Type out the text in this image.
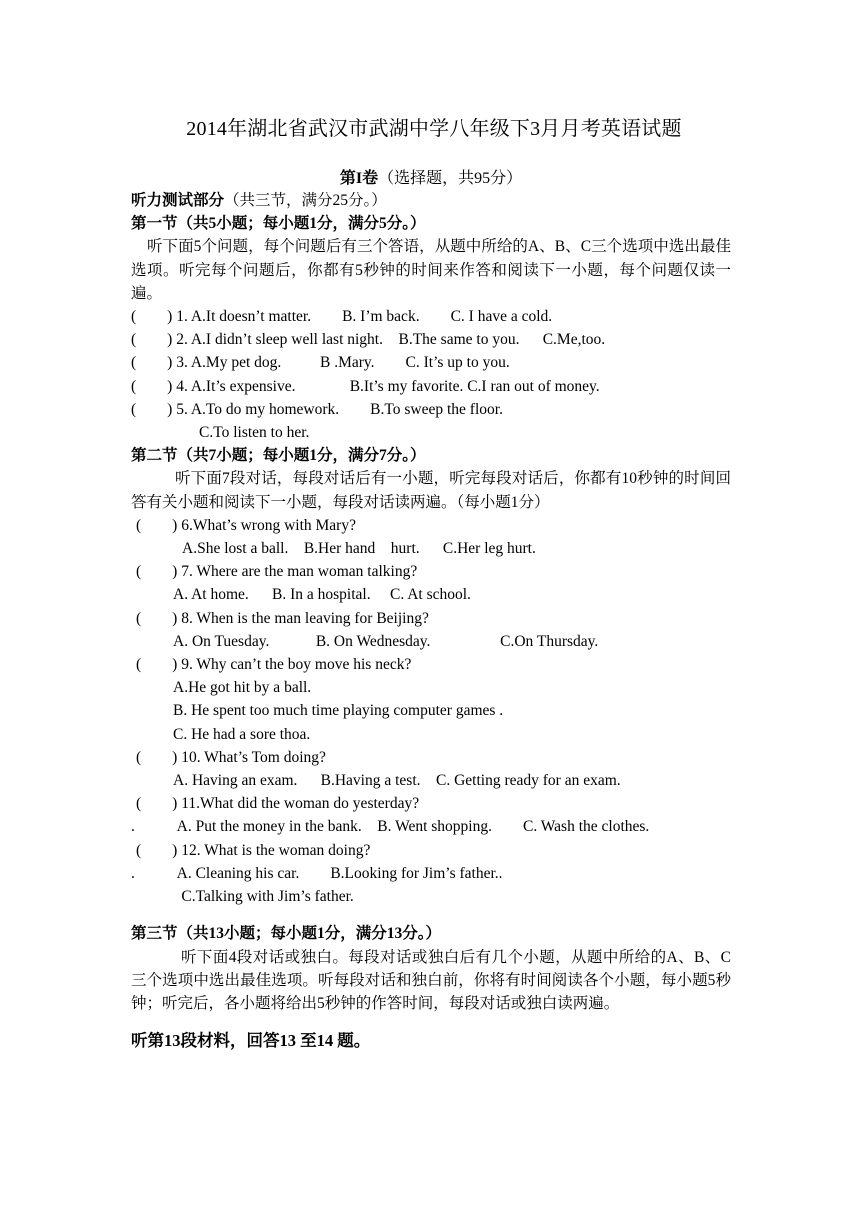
2014年湖北省武汉市武湖中学八年级下3月月考英语试题
第I卷（选择题，共95分）
听力测试部分（共三节，满分25分。）
第一节（共5小题；每小题1分，满分5分。）
听下面5个问题，每个问题后有三个答语，从题中所给的A、B、C三个选项中选出最佳选项。听完每个问题后，你都有5秒钟的时间来作答和阅读下一小题，每个问题仅读一遍。
(        ) 1. A.It doesn’t matter.        B. I’m back.        C. I have a cold.
(        ) 2. A.I didn’t sleep well last night.    B.The same to you.      C.Me,too.
(        ) 3. A.My pet dog.          B .Mary.        C. It’s up to you.
(        ) 4. A.It’s expensive.              B.It’s my favorite. C.I ran out of money.
(        ) 5. A.To do my homework.        B.To sweep the floor.
C.To listen to her.
第二节（共7小题；每小题1分，满分7分。）
听下面7段对话，每段对话后有一小题，听完每段对话后，你都有10秒钟的时间回答有关小题和阅读下一小题，每段对话读两遍。（每小题1分）
(        ) 6.What’s wrong with Mary?
A.She lost a ball.    B.Her hand    hurt.      C.Her leg hurt.
(        ) 7. Where are the man woman talking?
A. At home.      B. In a hospital.     C. At school.
(        ) 8. When is the man leaving for Beijing?
A. On Tuesday.            B. On Wednesday.                  C.On Thursday.
(        ) 9. Why can’t the boy move his neck?
A.He got hit by a ball.
B. He spent too much time playing computer games .
C. He had a sore thoa.
(        ) 10. What’s Tom doing?
A. Having an exam.      B.Having a test.    C. Getting ready for an exam.
(        ) 11.What did the woman do yesterday?
.           A. Put the money in the bank.    B. Went shopping.        C. Wash the clothes.
(        ) 12. What is the woman doing?
.           A. Cleaning his car.        B.Looking for Jim’s father..
C.Talking with Jim’s father.
第三节（共13小题；每小题1分，满分13分。）
听下面4段对话或独白。每段对话或独白后有几个小题，从题中所给的A、B、C三个选项中选出最佳选项。听每段对话和独白前，你将有时间阅读各个小题，每小题5秒钟；听完后，各小题将给出5秒钟的作答时间，每段对话或独白读两遍。
听第13段材料，回答13 至14 题。
